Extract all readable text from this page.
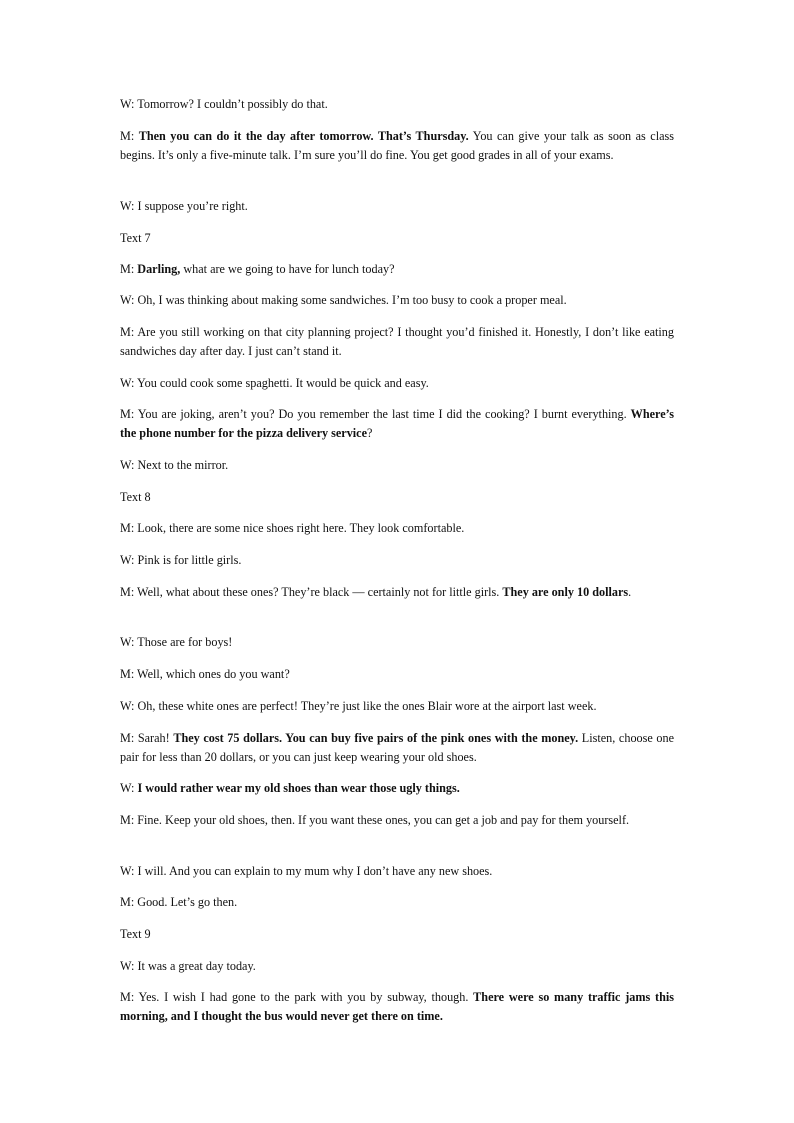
W: Tomorrow? I couldn’t possibly do that.

M: Then you can do it the day after tomorrow. That’s Thursday. You can give your talk as soon as class begins. It’s only a five-minute talk. I’m sure you’ll do fine. You get good grades in all of your exams.

W: I suppose you’re right.

Text 7

M: Darling, what are we going to have for lunch today?

W: Oh, I was thinking about making some sandwiches. I’m too busy to cook a proper meal.

M: Are you still working on that city planning project? I thought you’d finished it. Honestly, I don’t like eating sandwiches day after day. I just can’t stand it.

W: You could cook some spaghetti. It would be quick and easy.

M: You are joking, aren’t you? Do you remember the last time I did the cooking? I burnt everything. Where’s the phone number for the pizza delivery service?

W: Next to the mirror.

Text 8

M: Look, there are some nice shoes right here. They look comfortable.

W: Pink is for little girls.

M: Well, what about these ones? They’re black — certainly not for little girls. They are only 10 dollars.

W: Those are for boys!

M: Well, which ones do you want?

W: Oh, these white ones are perfect! They’re just like the ones Blair wore at the airport last week.

M: Sarah! They cost 75 dollars. You can buy five pairs of the pink ones with the money. Listen, choose one pair for less than 20 dollars, or you can just keep wearing your old shoes.

W: I would rather wear my old shoes than wear those ugly things.

M: Fine. Keep your old shoes, then. If you want these ones, you can get a job and pay for them yourself.

W: I will. And you can explain to my mum why I don’t have any new shoes.

M: Good. Let’s go then.

Text 9

W: It was a great day today.

M: Yes. I wish I had gone to the park with you by subway, though. There were so many traffic jams this morning, and I thought the bus would never get there on time.
